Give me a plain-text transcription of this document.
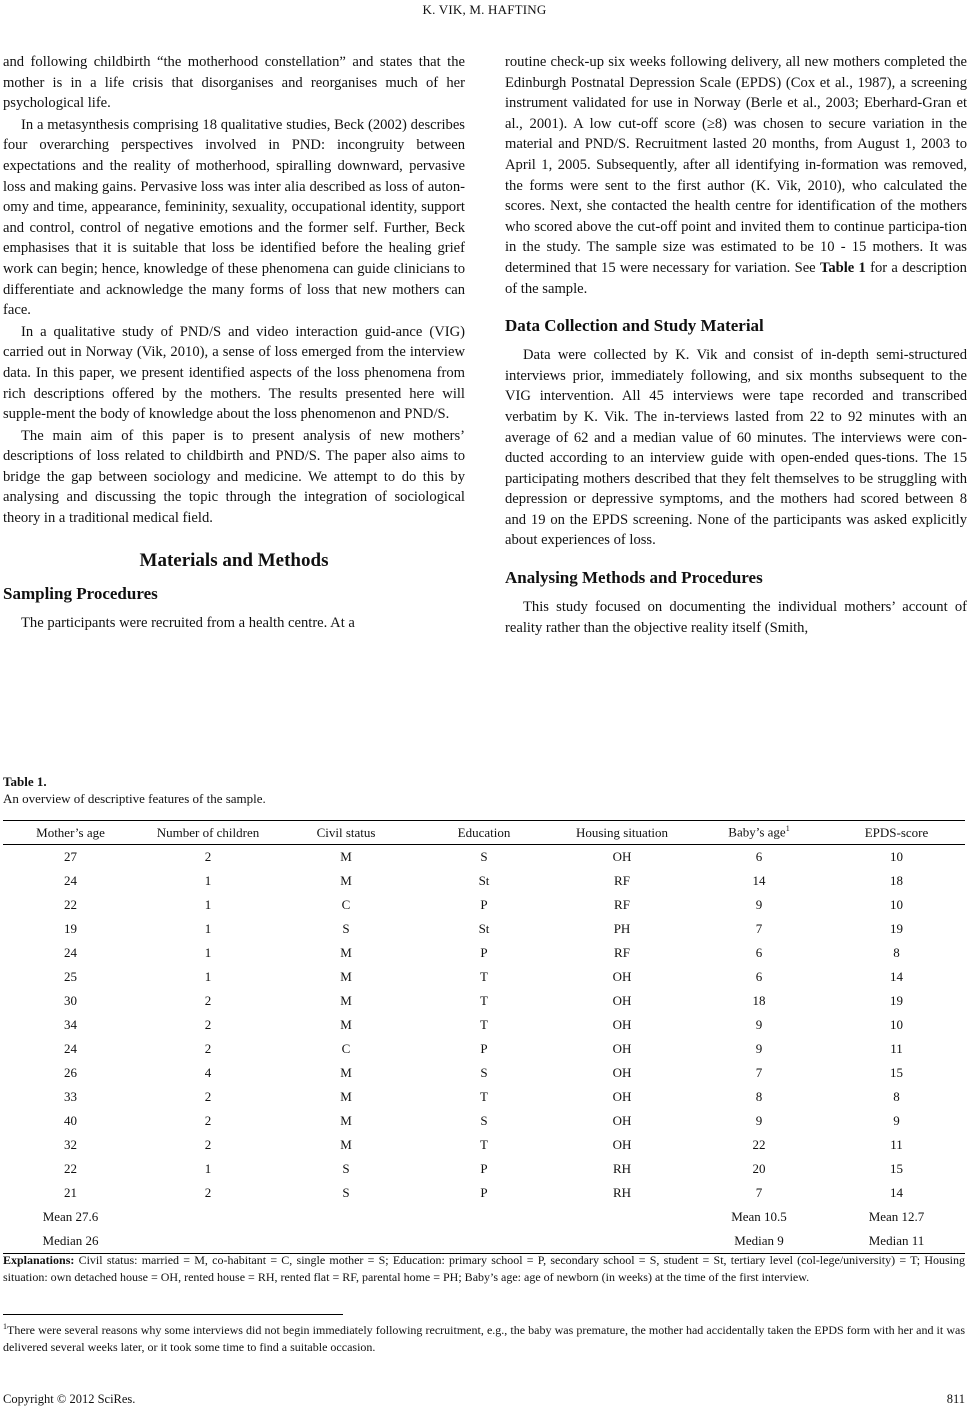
K. VIK, M. HAFTING

and following childbirth “the motherhood constellation” and states that the mother is in a life crisis that disorganises and reorganises much of her psychological life.

In a metasynthesis comprising 18 qualitative studies, Beck (2002) describes four overarching perspectives involved in PND: incongruity between expectations and the reality of motherhood, spiralling downward, pervasive loss and making gains. Pervasive loss was inter alia described as loss of auton-omy and time, appearance, femininity, sexuality, occupational identity, support and control, control of negative emotions and the former self. Further, Beck emphasises that it is suitable that loss be identified before the healing grief work can begin; hence, knowledge of these phenomena can guide clinicians to differentiate and acknowledge the many forms of loss that new mothers can face.

In a qualitative study of PND/S and video interaction guid-ance (VIG) carried out in Norway (Vik, 2010), a sense of loss emerged from the interview data. In this paper, we present identified aspects of the loss phenomena from rich descriptions offered by the mothers. The results presented here will supple-ment the body of knowledge about the loss phenomenon and PND/S.

The main aim of this paper is to present analysis of new mothers’ descriptions of loss related to childbirth and PND/S. The paper also aims to bridge the gap between sociology and medicine. We attempt to do this by analysing and discussing the topic through the integration of sociological theory in a traditional medical field.

Materials and Methods
Sampling Procedures

The participants were recruited from a health centre. At a

routine check-up six weeks following delivery, all new mothers completed the Edinburgh Postnatal Depression Scale (EPDS) (Cox et al., 1987), a screening instrument validated for use in Norway (Berle et al., 2003; Eberhard-Gran et al., 2001). A low cut-off score (≥8) was chosen to secure variation in the material and PND/S. Recruitment lasted 20 months, from August 1, 2003 to April 1, 2005. Subsequently, after all identifying in-formation was removed, the forms were sent to the first author (K. Vik, 2010), who calculated the scores. Next, she contacted the health centre for identification of the mothers who scored above the cut-off point and invited them to continue participa-tion in the study. The sample size was estimated to be 10 - 15 mothers. It was determined that 15 were necessary for variation. See Table 1 for a description of the sample.

Data Collection and Study Material

Data were collected by K. Vik and consist of in-depth semi-structured interviews prior, immediately following, and six months subsequent to the VIG intervention. All 45 interviews were tape recorded and transcribed verbatim by K. Vik. The in-terviews lasted from 22 to 92 minutes with an average of 62 and a median value of 60 minutes. The interviews were con-ducted according to an interview guide with open-ended ques-tions. The 15 participating mothers described that they felt themselves to be struggling with depression or depressive symptoms, and the mothers had scored between 8 and 19 on the EPDS screening. None of the participants was asked explicitly about experiences of loss.

Analysing Methods and Procedures

This study focused on documenting the individual mothers’ account of reality rather than the objective reality itself (Smith,

Table 1.
An overview of descriptive features of the sample.
Mother’s age	Number of children	Civil status	Education	Housing situation	Baby’s age$^1$	EPDS-score
27	2	M	S	OH	6	10
24	1	M	St	RF	14	18
22	1	C	P	RF	9	10
19	1	S	St	PH	7	19
24	1	M	P	RF	6	8
25	1	M	T	OH	6	14
30	2	M	T	OH	18	19
34	2	M	T	OH	9	10
24	2	C	P	OH	9	11
26	4	M	S	OH	7	15
33	2	M	T	OH	8	8
40	2	M	S	OH	9	9
32	2	M	T	OH	22	11
22	1	S	P	RH	20	15
21	2	S	P	RH	7	14
Mean 27.6					Mean 10.5	Mean 12.7
Median 26					Median 9	Median 11
Explanations: Civil status: married = M, co-habitant = C, single mother = S; Education: primary school = P, secondary school = S, student = St, tertiary level (col-lege/university) = T; Housing situation: own detached house = OH, rented house = RH, rented flat = RF, parental home = PH; Baby’s age: age of newborn (in weeks) at the time of the first interview.
$^1$There were several reasons why some interviews did not begin immediately following recruitment, e.g., the baby was premature, the mother had accidentally taken the EPDS form with her and it was delivered several weeks later, or it took some time to find a suitable occasion.
Copyright © 2012 SciRes.	811
